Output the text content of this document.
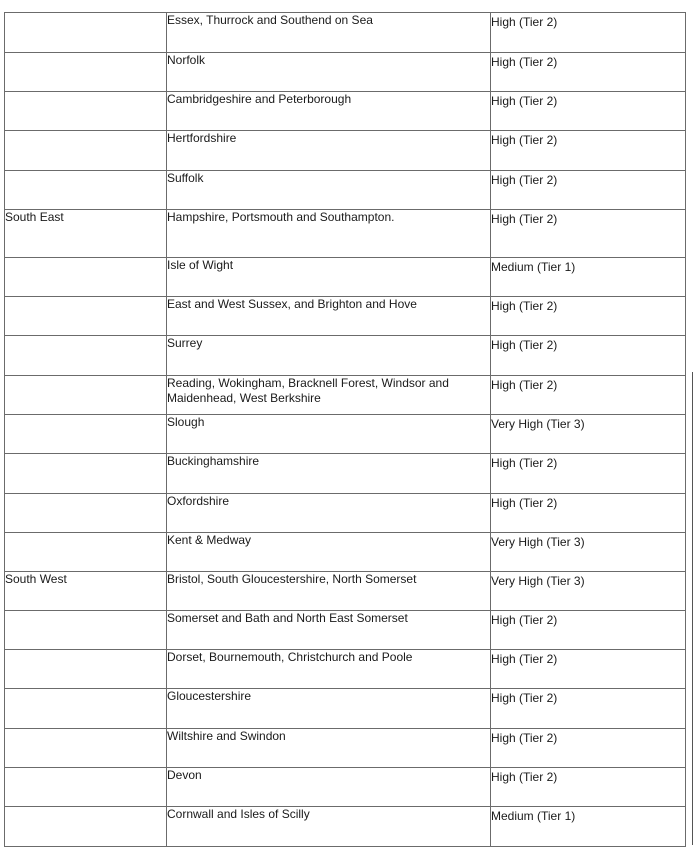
	Essex, Thurrock and Southend on Sea	High (Tier 2)
	Norfolk	High (Tier 2)
	Cambridgeshire and Peterborough	High (Tier 2)
	Hertfordshire	High (Tier 2)
	Suffolk	High (Tier 2)
South East	Hampshire, Portsmouth and Southampton.	High (Tier 2)
	Isle of Wight	Medium (Tier 1)
	East and West Sussex, and Brighton and Hove	High (Tier 2)
	Surrey	High (Tier 2)
	Reading, Wokingham, Bracknell Forest, Windsor and Maidenhead, West Berkshire	High (Tier 2)
	Slough	Very High (Tier 3)
	Buckinghamshire	High (Tier 2)
	Oxfordshire	High (Tier 2)
	Kent & Medway	Very High (Tier 3)
South West	Bristol, South Gloucestershire, North Somerset	Very High (Tier 3)
	Somerset and Bath and North East Somerset	High (Tier 2)
	Dorset, Bournemouth, Christchurch and Poole	High (Tier 2)
	Gloucestershire	High (Tier 2)
	Wiltshire and Swindon	High (Tier 2)
	Devon	High (Tier 2)
	Cornwall and Isles of Scilly	Medium (Tier 1)
